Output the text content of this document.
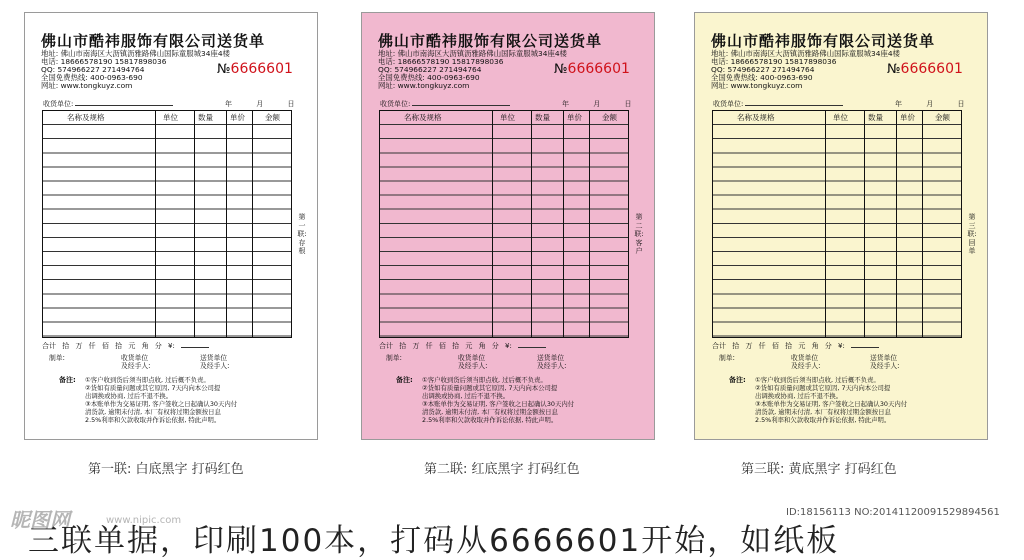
佛山市酷祎服饰有限公司送货单
地址: 佛山市南海区大沥镇沥雅路佛山国际童服城34座4楼
电话: 18666578190 15817898036
QQ: 574966227 271494764
全国免费热线: 400-0963-690
网址: www.tongkuyz.com
№6666601
收货单位:	年 月 日
名称及规格	单位	数量 单价	金额
第一联: 存根
合计 拾 万 仟 佰 拾 元 角 分 ¥:
制单:	收货单位
及经手人:
送货单位
及经手人:
备注: ①客户收到货后须当即点收, 过后概不负责。
②货如有质量问题或其它原因, 7天内向本公司提
出调换或协商, 过后不退不换。
③本账单作为交易证明, 客户签收之日起确认30天内付
清货款, 逾期未付清, 本厂有权将过期金额按日息
2.5%利率和欠款收取并作诉讼依据, 特此声明。
第一联: 白底黑字 打码红色
佛山市酷祎服饰有限公司送货单
地址: 佛山市南海区大沥镇沥雅路佛山国际童服城34座4楼
电话: 18666578190 15817898036
QQ: 574966227 271494764
全国免费热线: 400-0963-690
网址: www.tongkuyz.com
№6666601
收货单位:	年 月 日
名称及规格	单位	数量 单价	金额
第二联: 客户
合计 拾 万 仟 佰 拾 元 角 分 ¥:
制单:	收货单位
及经手人:
送货单位
及经手人:
备注: ①客户收到货后须当即点收, 过后概不负责。
②货如有质量问题或其它原因, 7天内向本公司提
出调换或协商, 过后不退不换。
③本账单作为交易证明, 客户签收之日起确认30天内付
清货款, 逾期未付清, 本厂有权将过期金额按日息
2.5%利率和欠款收取并作诉讼依据, 特此声明。
第二联: 红底黑字 打码红色
佛山市酷祎服饰有限公司送货单
地址: 佛山市南海区大沥镇沥雅路佛山国际童服城34座4楼
电话: 18666578190 15817898036
QQ: 574966227 271494764
全国免费热线: 400-0963-690
网址: www.tongkuyz.com
№6666601
收货单位:	年 月 日
名称及规格	单位	数量 单价	金额
第三联: 回单
合计 拾 万 仟 佰 拾 元 角 分 ¥:
制单:	收货单位
及经手人:
送货单位
及经手人:
备注: ①客户收到货后须当即点收, 过后概不负责。
②货如有质量问题或其它原因, 7天内向本公司提
出调换或协商, 过后不退不换。
③本账单作为交易证明, 客户签收之日起确认30天内付
清货款, 逾期未付清, 本厂有权将过期金额按日息
2.5%利率和欠款收取并作诉讼依据, 特此声明。
第三联: 黄底黑字 打码红色
昵图网	www.nipic.com
ID:18156113 NO:20141120091529894561
三联单据，印刷100本，打码从6666601开始，如纸板
